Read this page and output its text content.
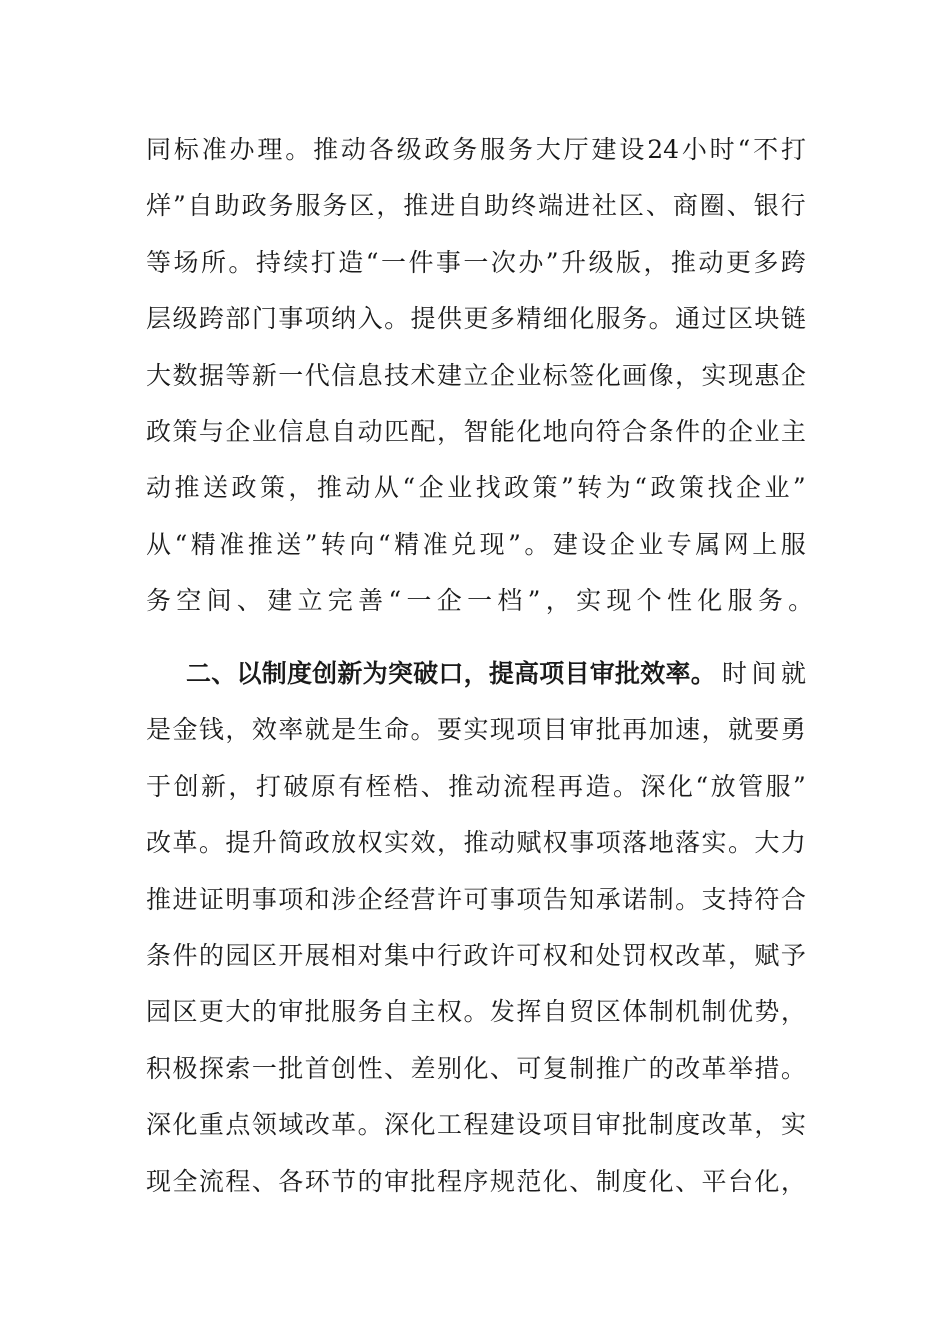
同 标 准 办 理 。 推 动 各 级 政 务 服 务 大 厅 建 设 24 小 时 “ 不 打
烊 ” 自 助 政 务 服 务 区 ， 推 进 自 助 终 端 进 社 区 、 商 圈 、 银 行
等 场 所 。 持 续 打 造 “ 一 件 事 一 次 办 ” 升 级 版 ， 推 动 更 多 跨
层 级 跨 部 门 事 项 纳 入 。 提 供 更 多 精 细 化 服 务 。 通 过 区 块 链
大 数 据 等 新 一 代 信 息 技 术 建 立 企 业 标 签 化 画 像 ， 实 现 惠 企
政 策 与 企 业 信 息 自 动 匹 配 ， 智 能 化 地 向 符 合 条 件 的 企 业 主
动 推 送 政 策 ， 推 动 从 “ 企 业 找 政 策 ” 转 为 “ 政 策 找 企 业 ”
从 “ 精 准 推 送 ” 转 向 “ 精 准 兑 现 ” 。 建 设 企 业 专 属 网 上 服
务空间、建立完善“一企一档”，实现个性化服务。
二 、 以 制 度 创 新 为 突 破 口 ， 提 高 项 目 审 批 效 率 。 时 间 就
是 金 钱 ， 效 率 就 是 生 命 。 要 实 现 项 目 审 批 再 加 速 ， 就 要 勇
于 创 新 ， 打 破 原 有 桎 梏 、 推 动 流 程 再 造 。 深 化 “ 放 管 服 ”
改 革 。 提 升 简 政 放 权 实 效 ， 推 动 赋 权 事 项 落 地 落 实 。 大 力
推 进 证 明 事 项 和 涉 企 经 营 许 可 事 项 告 知 承 诺 制 。 支 持 符 合
条 件 的 园 区 开 展 相 对 集 中 行 政 许 可 权 和 处 罚 权 改 革 ， 赋 予
园 区 更 大 的 审 批 服 务 自 主 权 。 发 挥 自 贸 区 体 制 机 制 优 势 ，
积 极 探 索 一 批 首 创 性 、 差 别 化 、 可 复 制 推 广 的 改 革 举 措 。
深 化 重 点 领 域 改 革 。 深 化 工 程 建 设 项 目 审 批 制 度 改 革 ， 实
现 全 流 程 、 各 环 节 的 审 批 程 序 规 范 化 、 制 度 化 、 平 台 化 ，
